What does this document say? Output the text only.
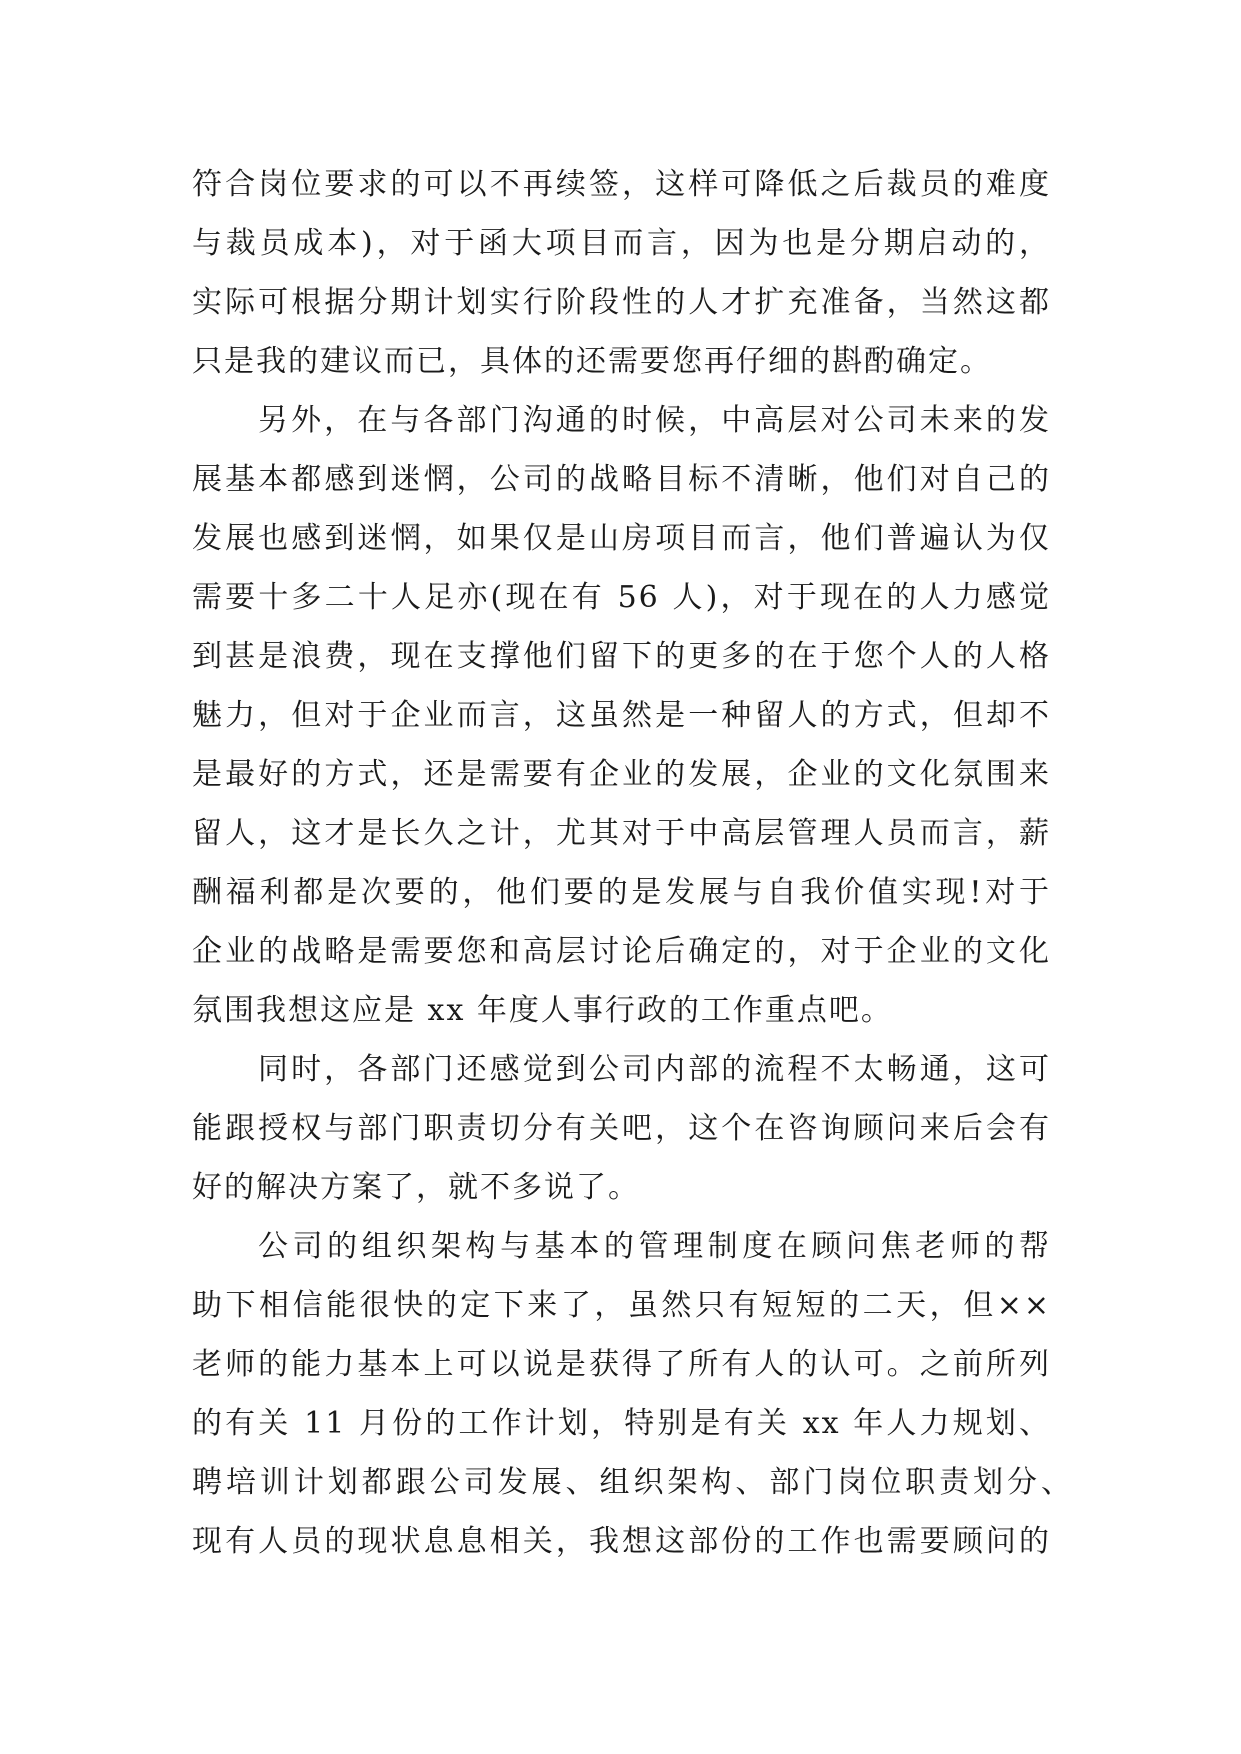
符合岗位要求的可以不再续签，这样可降低之后裁员的难度
与裁员成本)，对于函大项目而言，因为也是分期启动的，
实际可根据分期计划实行阶段性的人才扩充准备，当然这都
只是我的建议而已，具体的还需要您再仔细的斟酌确定。
另外，在与各部门沟通的时候，中高层对公司未来的发
展基本都感到迷惘，公司的战略目标不清晰，他们对自己的
发展也感到迷惘，如果仅是山房项目而言，他们普遍认为仅
需要十多二十人足亦(现在有 56 人)，对于现在的人力感觉
到甚是浪费，现在支撑他们留下的更多的在于您个人的人格
魅力，但对于企业而言，这虽然是一种留人的方式，但却不
是最好的方式，还是需要有企业的发展，企业的文化氛围来
留人，这才是长久之计，尤其对于中高层管理人员而言，薪
酬福利都是次要的，他们要的是发展与自我价值实现!对于
企业的战略是需要您和高层讨论后确定的，对于企业的文化
氛围我想这应是 xx 年度人事行政的工作重点吧。
同时，各部门还感觉到公司内部的流程不太畅通，这可
能跟授权与部门职责切分有关吧，这个在咨询顾问来后会有
好的解决方案了，就不多说了。
公司的组织架构与基本的管理制度在顾问焦老师的帮
助下相信能很快的定下来了，虽然只有短短的二天，但××
老师的能力基本上可以说是获得了所有人的认可。之前所列
的有关 11 月份的工作计划，特别是有关 xx 年人力规划、
聘培训计划都跟公司发展、组织架构、部门岗位职责划分、
现有人员的现状息息相关，我想这部份的工作也需要顾问的
